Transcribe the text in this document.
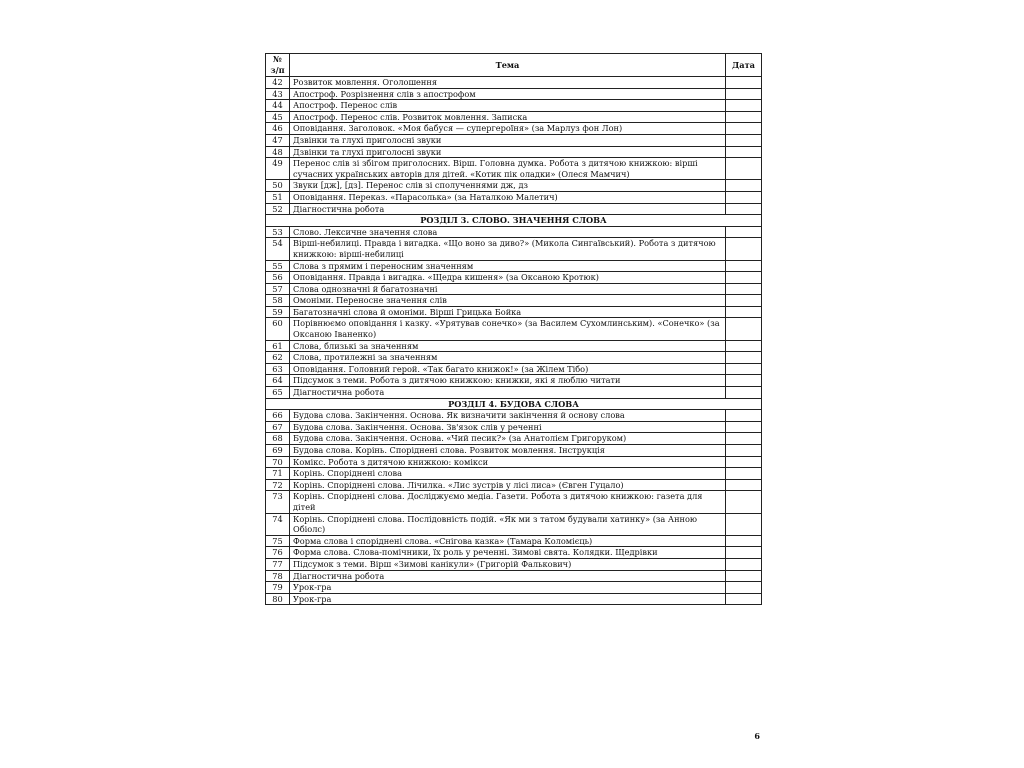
№ з/п	Тема	Дата
42	Розвиток мовлення. Оголошення	
43	Апостроф. Розрізнення слів з апострофом	
44	Апостроф. Перенос слів	
45	Апостроф. Перенос слів. Розвиток мовлення. Записка	
46	Оповідання. Заголовок. «Моя бабуся — супергероїня» (за Марлуз фон Лон)	
47	Дзвінки та глухі приголосні звуки	
48	Дзвінки та глухі приголосні звуки	
49	Перенос слів зі збігом приголосних. Вірш. Головна думка. Робота з дитячою книжкою: вірші сучасних українських авторів для дітей. «Котик пік оладки» (Олеся Мамчич)	
50	Звуки [дж], [дз]. Перенос слів зі сполученнями дж, дз	
51	Оповідання. Переказ. «Парасолька» (за Наталкою Малетич)	
52	Діагностична робота	
РОЗДІЛ 3. СЛОВО. ЗНАЧЕННЯ СЛОВА		
53	Слово. Лексичне значення слова	
54	Вірші-небилиці. Правда і вигадка. «Що воно за диво?» (Микола Сингаївський). Робота з дитячою книжкою: вірші-небилиці	
55	Слова з прямим і переносним значенням	
56	Оповідання. Правда і вигадка. «Щедра кишеня» (за Оксаною Кротюк)	
57	Слова однозначні й багатозначні	
58	Омоніми. Переносне значення слів	
59	Багатозначні слова й омоніми. Вірші Грицька Бойка	
60	Порівнюємо оповідання і казку. «Урятував сонечко» (за Василем Сухомлинським). «Сонечко» (за Оксаною Іваненко)	
61	Слова, близькі за значенням	
62	Слова, протилежні за значенням	
63	Оповідання. Головний герой. «Так багато книжок!» (за Жілем Тібо)	
64	Підсумок з теми. Робота з дитячою книжкою: книжки, які я люблю читати	
65	Діагностична робота	
РОЗДІЛ 4. БУДОВА СЛОВА		
66	Будова слова. Закінчення. Основа. Як визначити закінчення й основу слова	
67	Будова слова. Закінчення. Основа. Зв'язок слів у реченні	
68	Будова слова. Закінчення. Основа. «Чий песик?» (за Анатолієм Григоруком)	
69	Будова слова. Корінь. Споріднені слова. Розвиток мовлення. Інструкція	
70	Комікс. Робота з дитячою книжкою: комікси	
71	Корінь. Споріднені слова	
72	Корінь. Споріднені слова. Лічилка. «Лис зустрів у лісі лиса» (Євген Гуцало)	
73	Корінь. Споріднені слова. Досліджуємо медіа. Газети. Робота з дитячою книжкою: газета для дітей	
74	Корінь. Споріднені слова. Послідовність подій. «Як ми з татом будували хатинку» (за Анною Обіолс)	
75	Форма слова і споріднені слова. «Снігова казка» (Тамара Коломієць)	
76	Форма слова. Слова-помічники, їх роль у реченні. Зимові свята. Колядки. Щедрівки	
77	Підсумок з теми. Вірш «Зимові канікули» (Григорій Фалькович)	
78	Діагностична робота	
79	Урок-гра	
80	Урок-гра	
6
